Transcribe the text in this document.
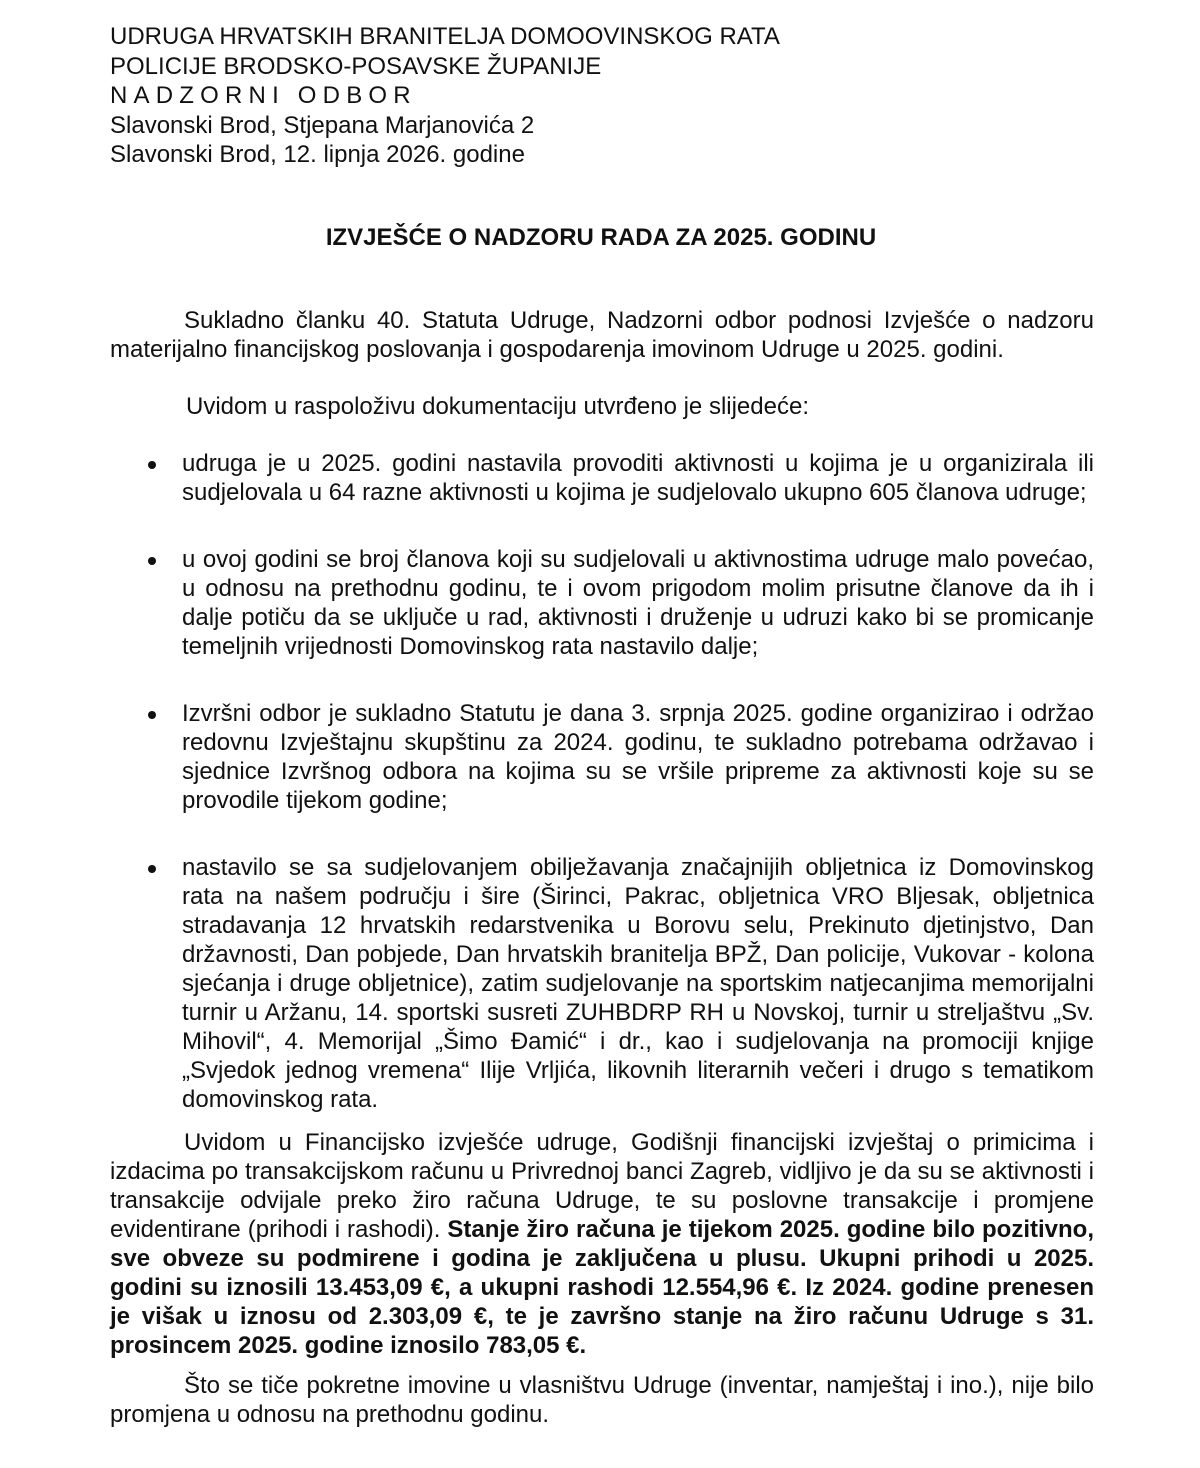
UDRUGA HRVATSKIH BRANITELJA DOMOOVINSKOG RATA
POLICIJE BRODSKO-POSAVSKE ŽUPANIJE
NADZORNI ODBOR
Slavonski Brod, Stjepana Marjanovića 2
Slavonski Brod, 12. lipnja 2026. godine
IZVJEŠĆE O NADZORU RADA ZA 2025. GODINU
Sukladno članku 40. Statuta Udruge, Nadzorni odbor podnosi Izvješće o nadzoru materijalno financijskog poslovanja i gospodarenja imovinom Udruge u 2025. godini.
Uvidom u raspoloživu dokumentaciju utvrđeno je slijedeće:
udruga je u 2025. godini nastavila provoditi aktivnosti u kojima je u organizirala ili sudjelovala u 64 razne aktivnosti u kojima je sudjelovalo ukupno 605 članova udruge;
u ovoj godini se broj članova koji su sudjelovali u aktivnostima udruge malo povećao, u odnosu na prethodnu godinu, te i ovom prigodom molim prisutne članove da ih i dalje potiču da se uključe u rad, aktivnosti i druženje u udruzi kako bi se promicanje temeljnih vrijednosti Domovinskog rata nastavilo dalje;
Izvršni odbor je sukladno Statutu je dana 3. srpnja 2025. godine organizirao i održao redovnu Izvještajnu skupštinu za 2024. godinu, te sukladno potrebama održavao i sjednice Izvršnog odbora na kojima su se vršile pripreme za aktivnosti koje su se provodile tijekom godine;
nastavilo se sa sudjelovanjem obilježavanja značajnijih obljetnica iz Domovinskog rata na našem području i šire (Širinci, Pakrac, obljetnica VRO Bljesak, obljetnica stradavanja 12 hrvatskih redarstvenika u Borovu selu, Prekinuto djetinjstvo, Dan državnosti, Dan pobjede, Dan hrvatskih branitelja BPŽ, Dan policije, Vukovar - kolona sjećanja i druge obljetnice), zatim sudjelovanje na sportskim natjecanjima memorijalni turnir u Aržanu, 14. sportski susreti ZUHBDRP RH u Novskoj, turnir u streljaštvu „Sv. Mihovil“, 4. Memorijal „Šimo Đamić“ i dr., kao i sudjelovanja na promociji knjige „Svjedok jednog vremena“ Ilije Vrljića, likovnih literarnih večeri i drugo s tematikom domovinskog rata.
Uvidom u Financijsko izvješće udruge, Godišnji financijski izvještaj o primicima i izdacima po transakcijskom računu u Privrednoj banci Zagreb, vidljivo je da su se aktivnosti i transakcije odvijale preko žiro računa Udruge, te su poslovne transakcije i promjene evidentirane (prihodi i rashodi). Stanje žiro računa je tijekom 2025. godine bilo pozitivno, sve obveze su podmirene i godina je zaključena u plusu. Ukupni prihodi u 2025. godini su iznosili 13.453,09 €, a ukupni rashodi 12.554,96 €. Iz 2024. godine prenesen je višak u iznosu od 2.303,09 €, te je završno stanje na žiro računu Udruge s 31. prosincem 2025. godine iznosilo 783,05 €.
Što se tiče pokretne imovine u vlasništvu Udruge (inventar, namještaj i ino.), nije bilo promjena u odnosu na prethodnu godinu.
